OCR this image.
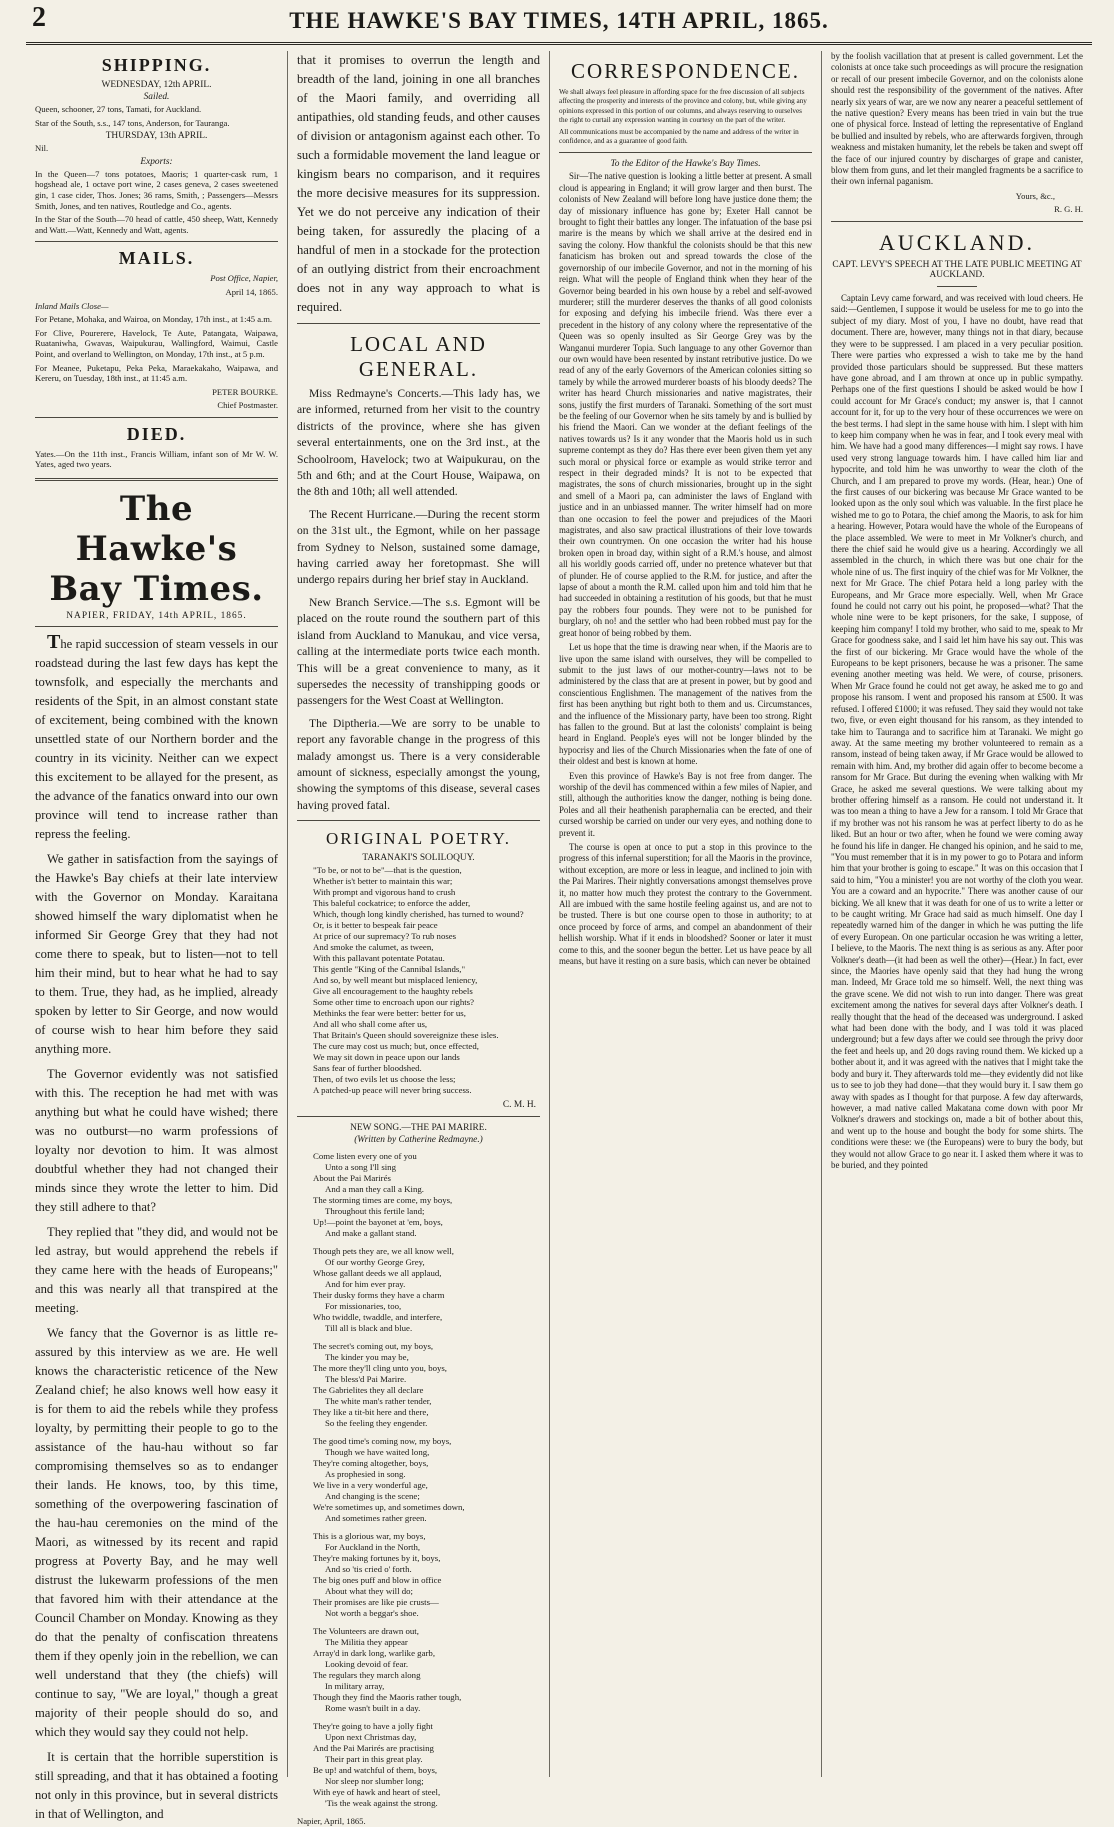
2	THE HAWKE'S BAY TIMES, 14TH APRIL, 1865.
SHIPPING.
WEDNESDAY, 12th APRIL.
Sailed.

Queen, schooner, 27 tons, Tamati, for Auckland.

Star of the South, s.s., 147 tons, Anderson, for Tauranga.

THURSDAY, 13th APRIL.

Nil.

Exports:

In the Queen—7 tons potatoes, Maoris; 1 quarter-cask rum, 1 hogshead ale, 1 octave port wine, 2 cases geneva, 2 cases sweetened gin, 1 case cider, Thos. Jones; 36 rams, Smith, ; Passengers—Messrs Smith, Jones, and ten natives, Routledge and Co., agents.

In the Star of the South—70 head of cattle, 450 sheep, Watt, Kennedy and Watt.—Watt, Kennedy and Watt, agents.

MAILS.

Post Office, Napier,

April 14, 1865.

Inland Mails Close—

For Petane, Mohaka, and Wairoa, on Monday, 17th inst., at 1:45 a.m.

For Clive, Pourerere, Havelock, Te Aute, Patangata, Waipawa, Ruataniwha, Gwavas, Waipukurau, Wallingford, Waimui, Castle Point, and overland to Wellington, on Monday, 17th inst., at 5 p.m.

For Meanee, Puketapu, Peka Peka, Maraekakaho, Waipawa, and Kereru, on Tuesday, 18th inst., at 11:45 a.m.

PETER BOURKE.

Chief Postmaster.

DIED.

Yates.—On the 11th inst., Francis William, infant son of Mr W. W. Yates, aged two years.

The Hawke's Bay Times.
NAPIER, FRIDAY, 14th APRIL, 1865.

The rapid succession of steam vessels in our roadstead during the last few days has kept the townsfolk, and especially the merchants and residents of the Spit, in an almost constant state of excitement, being combined with the known unsettled state of our Northern border and the country in its vicinity. Neither can we expect this excitement to be allayed for the present, as the advance of the fanatics onward into our own province will tend to increase rather than repress the feeling.

We gather in satisfaction from the sayings of the Hawke's Bay chiefs at their late interview with the Governor on Monday. Karaitana showed himself the wary diplomatist when he informed Sir George Grey that they had not come there to speak, but to listen—not to tell him their mind, but to hear what he had to say to them. True, they had, as he implied, already spoken by letter to Sir George, and now would of course wish to hear him before they said anything more.

The Governor evidently was not satisfied with this. The reception he had met with was anything but what he could have wished; there was no outburst—no warm professions of loyalty nor devotion to him. It was almost doubtful whether they had not changed their minds since they wrote the letter to him. Did they still adhere to that?

They replied that "they did, and would not be led astray, but would apprehend the rebels if they came here with the heads of Europeans;" and this was nearly all that transpired at the meeting.

We fancy that the Governor is as little re-assured by this interview as we are. He well knows the characteristic reticence of the New Zealand chief; he also knows well how easy it is for them to aid the rebels while they profess loyalty, by permitting their people to go to the assistance of the hau-hau without so far compromising themselves so as to endanger their lands. He knows, too, by this time, something of the overpowering fascination of the hau-hau ceremonies on the mind of the Maori, as witnessed by its recent and rapid progress at Poverty Bay, and he may well distrust the lukewarm professions of the men that favored him with their attendance at the Council Chamber on Monday. Knowing as they do that the penalty of confiscation threatens them if they openly join in the rebellion, we can well understand that they (the chiefs) will continue to say, "We are loyal," though a great majority of their people should do so, and which they would say they could not help.

It is certain that the horrible superstition is still spreading, and that it has obtained a footing not only in this province, but in several districts in that of Wellington, and

that it promises to overrun the length and breadth of the land, joining in one all branches of the Maori family, and overriding all antipathies, old standing feuds, and other causes of division or antagonism against each other. To such a formidable movement the land league or kingism bears no comparison, and it requires the more decisive measures for its suppression. Yet we do not perceive any indication of their being taken, for assuredly the placing of a handful of men in a stockade for the protection of an outlying district from their encroachment does not in any way approach to what is required.

LOCAL AND GENERAL.

Miss Redmayne's Concerts.—This lady has, we are informed, returned from her visit to the country districts of the province, where she has given several entertainments, one on the 3rd inst., at the Schoolroom, Havelock; two at Waipukurau, on the 5th and 6th; and at the Court House, Waipawa, on the 8th and 10th; all well attended.

The Recent Hurricane.—During the recent storm on the 31st ult., the Egmont, while on her passage from Sydney to Nelson, sustained some damage, having carried away her foretopmast. She will undergo repairs during her brief stay in Auckland.

New Branch Service.—The s.s. Egmont will be placed on the route round the southern part of this island from Auckland to Manukau, and vice versa, calling at the intermediate ports twice each month. This will be a great convenience to many, as it supersedes the necessity of transhipping goods or passengers for the West Coast at Wellington.

The Diptheria.—We are sorry to be unable to report any favorable change in the progress of this malady amongst us. There is a very considerable amount of sickness, especially amongst the young, showing the symptoms of this disease, several cases having proved fatal.

ORIGINAL POETRY.
TARANAKI'S SOLILOQUY.
"To be, or not to be"—that is the question,
Whether is't better to maintain this war;
With prompt and vigorous hand to crush
This baleful cockatrice; to enforce the adder,
Which, though long kindly cherished, has turned to wound?
Or, is it better to bespeak fair peace
At price of our supremacy? To rub noses
And smoke the calumet, as tween,
With this pallavant potentate Potatau.
This gentle "King of the Cannibal Islands,"
And so, by well meant but misplaced leniency,
Give all encouragement to the haughty rebels
Some other time to encroach upon our rights?
Methinks the fear were better: better for us,
And all who shall come after us,
That Britain's Queen should sovereignize these isles.
The cure may cost us much; but, once effected,
We may sit down in peace upon our lands
Sans fear of further bloodshed.
Then, of two evils let us choose the less;
A patched-up peace will never bring success.
C. M. H.
NEW SONG.—THE PAI MARIRE.
(Written by Catherine Redmayne.)
Come listen every one of you
Unto a song I'll sing
About the Pai Marirés
And a man they call a King.
The storming times are come, my boys,
Throughout this fertile land;
Up!—point the bayonet at 'em, boys,
And make a gallant stand.
Though pets they are, we all know well,
Of our worthy George Grey,
Whose gallant deeds we all applaud,
And for him ever pray.
Their dusky forms they have a charm
For missionaries, too,
Who twiddle, twaddle, and interfere,
Till all is black and blue.
The secret's coming out, my boys,
The kinder you may be,
The more they'll cling unto you, boys,
The bless'd Pai Marire.
The Gabrielites they all declare
The white man's rather tender,
They like a tit-bit here and there,
So the feeling they engender.
The good time's coming now, my boys,
Though we have waited long,
They're coming altogether, boys,
As prophesied in song.
We live in a very wonderful age,
And changing is the scene;
We're sometimes up, and sometimes down,
And sometimes rather green.
This is a glorious war, my boys,
For Auckland in the North,
They're making fortunes by it, boys,
And so 'tis cried o' forth.
The big ones puff and blow in office
About what they will do;
Their promises are like pie crusts—
Not worth a beggar's shoe.
The Volunteers are drawn out,
The Militia they appear
Array'd in dark long, warlike garb,
Looking devoid of fear.
The regulars they march along
In military array,
Though they find the Maoris rather tough,
Rome wasn't built in a day.
They're going to have a jolly fight
Upon next Christmas day,
And the Pai Marirés are practising
Their part in this great play.
Be up! and watchful of them, boys,
Nor sleep nor slumber long;
With eye of hawk and heart of steel,
'Tis the weak against the strong.

Napier, April, 1865.

CORRESPONDENCE.

We shall always feel pleasure in affording space for the free discussion of all subjects affecting the prosperity and interests of the province and colony, but, while giving any opinions expressed in this portion of our columns, and always reserving to ourselves the right to curtail any expression wanting in courtesy on the part of the writer.

All communications must be accompanied by the name and address of the writer in confidence, and as a guarantee of good faith.

To the Editor of the Hawke's Bay Times.

Sir—The native question is looking a little better at present. A small cloud is appearing in England; it will grow larger and then burst. The colonists of New Zealand will before long have justice done them; the day of missionary influence has gone by; Exeter Hall cannot be brought to fight their battles any longer. The infatuation of the base psi marire is the means by which we shall arrive at the desired end in saving the colony. How thankful the colonists should be that this new fanaticism has broken out and spread towards the close of the governorship of our imbecile Governor, and not in the morning of his reign. What will the people of England think when they hear of the Governor being bearded in his own house by a rebel and self-avowed murderer; still the murderer deserves the thanks of all good colonists for exposing and defying his imbecile friend. Was there ever a precedent in the history of any colony where the representative of the Queen was so openly insulted as Sir George Grey was by the Wanganui murderer Topia. Such language to any other Governor than our own would have been resented by instant retributive justice. Do we read of any of the early Governors of the American colonies sitting so tamely by while the arrowed murderer boasts of his bloody deeds? The writer has heard Church missionaries and native magistrates, their sons, justify the first murders of Taranaki. Something of the sort must be the feeling of our Governor when he sits tamely by and is bullied by his friend the Maori. Can we wonder at the defiant feelings of the natives towards us? Is it any wonder that the Maoris hold us in such supreme contempt as they do? Has there ever been given them yet any such moral or physical force or example as would strike terror and respect in their degraded minds? It is not to be expected that magistrates, the sons of church missionaries, brought up in the sight and smell of a Maori pa, can administer the laws of England with justice and in an unbiassed manner. The writer himself had on more than one occasion to feel the power and prejudices of the Maori magistrates, and also saw practical illustrations of their love towards their own countrymen. On one occasion the writer had his house broken open in broad day, within sight of a R.M.'s house, and almost all his worldly goods carried off, under no pretence whatever but that of plunder. He of course applied to the R.M. for justice, and after the lapse of about a month the R.M. called upon him and told him that he had succeeded in obtaining a restitution of his goods, but that he must pay the robbers four pounds. They were not to be punished for burglary, oh no! and the settler who had been robbed must pay for the great honor of being robbed by them.

Let us hope that the time is drawing near when, if the Maoris are to live upon the same island with ourselves, they will be compelled to submit to the just laws of our mother-country—laws not to be administered by the class that are at present in power, but by good and conscientious Englishmen. The management of the natives from the first has been anything but right both to them and us. Circumstances, and the influence of the Missionary party, have been too strong. Right has fallen to the ground. But at last the colonists' complaint is being heard in England. People's eyes will not be longer blinded by the hypocrisy and lies of the Church Missionaries when the fate of one of their oldest and best is known at home.

Even this province of Hawke's Bay is not free from danger. The worship of the devil has commenced within a few miles of Napier, and still, although the authorities know the danger, nothing is being done. Poles and all their heathenish paraphernalia can be erected, and their cursed worship be carried on under our very eyes, and nothing done to prevent it.

The course is open at once to put a stop in this province to the progress of this infernal superstition; for all the Maoris in the province, without exception, are more or less in league, and inclined to join with the Pai Marires. Their nightly conversations amongst themselves prove it, no matter how much they protest the contrary to the Government. All are imbued with the same hostile feeling against us, and are not to be trusted. There is but one course open to those in authority; to at once proceed by force of arms, and compel an abandonment of their hellish worship. What if it ends in bloodshed? Sooner or later it must come to this, and the sooner begun the better. Let us have peace by all means, but have it resting on a sure basis, which can never be obtained

by the foolish vacillation that at present is called government. Let the colonists at once take such proceedings as will procure the resignation or recall of our present imbecile Governor, and on the colonists alone should rest the responsibility of the government of the natives. After nearly six years of war, are we now any nearer a peaceful settlement of the native question? Every means has been tried in vain but the true one of physical force. Instead of letting the representative of England be bullied and insulted by rebels, who are afterwards forgiven, through weakness and mistaken humanity, let the rebels be taken and swept off the face of our injured country by discharges of grape and canister, blow them from guns, and let their mangled fragments be a sacrifice to their own infernal paganism.

Yours, &c.,

R. G. H.

AUCKLAND.
CAPT. LEVY'S SPEECH AT THE LATE PUBLIC MEETING AT AUCKLAND.

Captain Levy came forward, and was received with loud cheers. He said:—Gentlemen, I suppose it would be useless for me to go into the subject of my diary. Most of you, I have no doubt, have read that document. There are, however, many things not in that diary, because they were to be suppressed. I am placed in a very peculiar position. There were parties who expressed a wish to take me by the hand provided those particulars should be suppressed. But these matters have gone abroad, and I am thrown at once up in public sympathy. Perhaps one of the first questions I should be asked would be how I could account for Mr Grace's conduct; my answer is, that I cannot account for it, for up to the very hour of these occurrences we were on the best terms. I had slept in the same house with him. I slept with him to keep him company when he was in fear, and I took every meal with him. We have had a good many differences—I might say rows. I have used very strong language towards him. I have called him liar and hypocrite, and told him he was unworthy to wear the cloth of the Church, and I am prepared to prove my words. (Hear, hear.) One of the first causes of our bickering was because Mr Grace wanted to be looked upon as the only soul which was valuable. In the first place he wished me to go to Potara, the chief among the Maoris, to ask for him a hearing. However, Potara would have the whole of the Europeans of the place assembled. We were to meet in Mr Volkner's church, and there the chief said he would give us a hearing. Accordingly we all assembled in the church, in which there was but one chair for the whole nine of us. The first inquiry of the chief was for Mr Volkner, the next for Mr Grace. The chief Potara held a long parley with the Europeans, and Mr Grace more especially. Well, when Mr Grace found he could not carry out his point, he proposed—what? That the whole nine were to be kept prisoners, for the sake, I suppose, of keeping him company! I told my brother, who said to me, speak to Mr Grace for goodness sake, and I said let him have his say out. This was the first of our bickering. Mr Grace would have the whole of the Europeans to be kept prisoners, because he was a prisoner. The same evening another meeting was held. We were, of course, prisoners. When Mr Grace found he could not get away, he asked me to go and propose his ransom. I went and proposed his ransom at £500. It was refused. I offered £1000; it was refused. They said they would not take two, five, or even eight thousand for his ransom, as they intended to take him to Tauranga and to sacrifice him at Taranaki. We might go away. At the same meeting my brother volunteered to remain as a ransom, instead of being taken away, if Mr Grace would be allowed to remain with him. And, my brother did again offer to become become a ransom for Mr Grace. But during the evening when walking with Mr Grace, he asked me several questions. We were talking about my brother offering himself as a ransom. He could not understand it. It was too mean a thing to have a Jew for a ransom. I told Mr Grace that if my brother was not his ransom he was at perfect liberty to do as he liked. But an hour or two after, when he found we were coming away he found his life in danger. He changed his opinion, and he said to me, "You must remember that it is in my power to go to Potara and inform him that your brother is going to escape." It was on this occasion that I said to him, "You a minister! you are not worthy of the cloth you wear. You are a coward and an hypocrite." There was another cause of our bicking. We all knew that it was death for one of us to write a letter or to be caught writing. Mr Grace had said as much himself. One day I repeatedly warned him of the danger in which he was putting the life of every European. On one particular occasion he was writing a letter, I believe, to the Maoris. The next thing is as serious as any. After poor Volkner's death—(it had been as well the other)—(Hear.) In fact, ever since, the Maories have openly said that they had hung the wrong man. Indeed, Mr Grace told me so himself. Well, the next thing was the grave scene. We did not wish to run into danger. There was great excitement among the natives for several days after Volkner's death. I really thought that the head of the deceased was underground. I asked what had been done with the body, and I was told it was placed underground; but a few days after we could see through the privy door the feet and heels up, and 20 dogs raving round them. We kicked up a bother about it, and it was agreed with the natives that I might take the body and bury it. They afterwards told me—they evidently did not like us to see to job they had done—that they would bury it. I saw them go away with spades as I thought for that purpose. A few day afterwards, however, a mad native called Makatana come down with poor Mr Volkner's drawers and stockings on, made a bit of bother about this, and went up to the house and bought the body for some shirts. The conditions were these: we (the Europeans) were to bury the body, but they would not allow Grace to go near it. I asked them where it was to be buried, and they pointed
